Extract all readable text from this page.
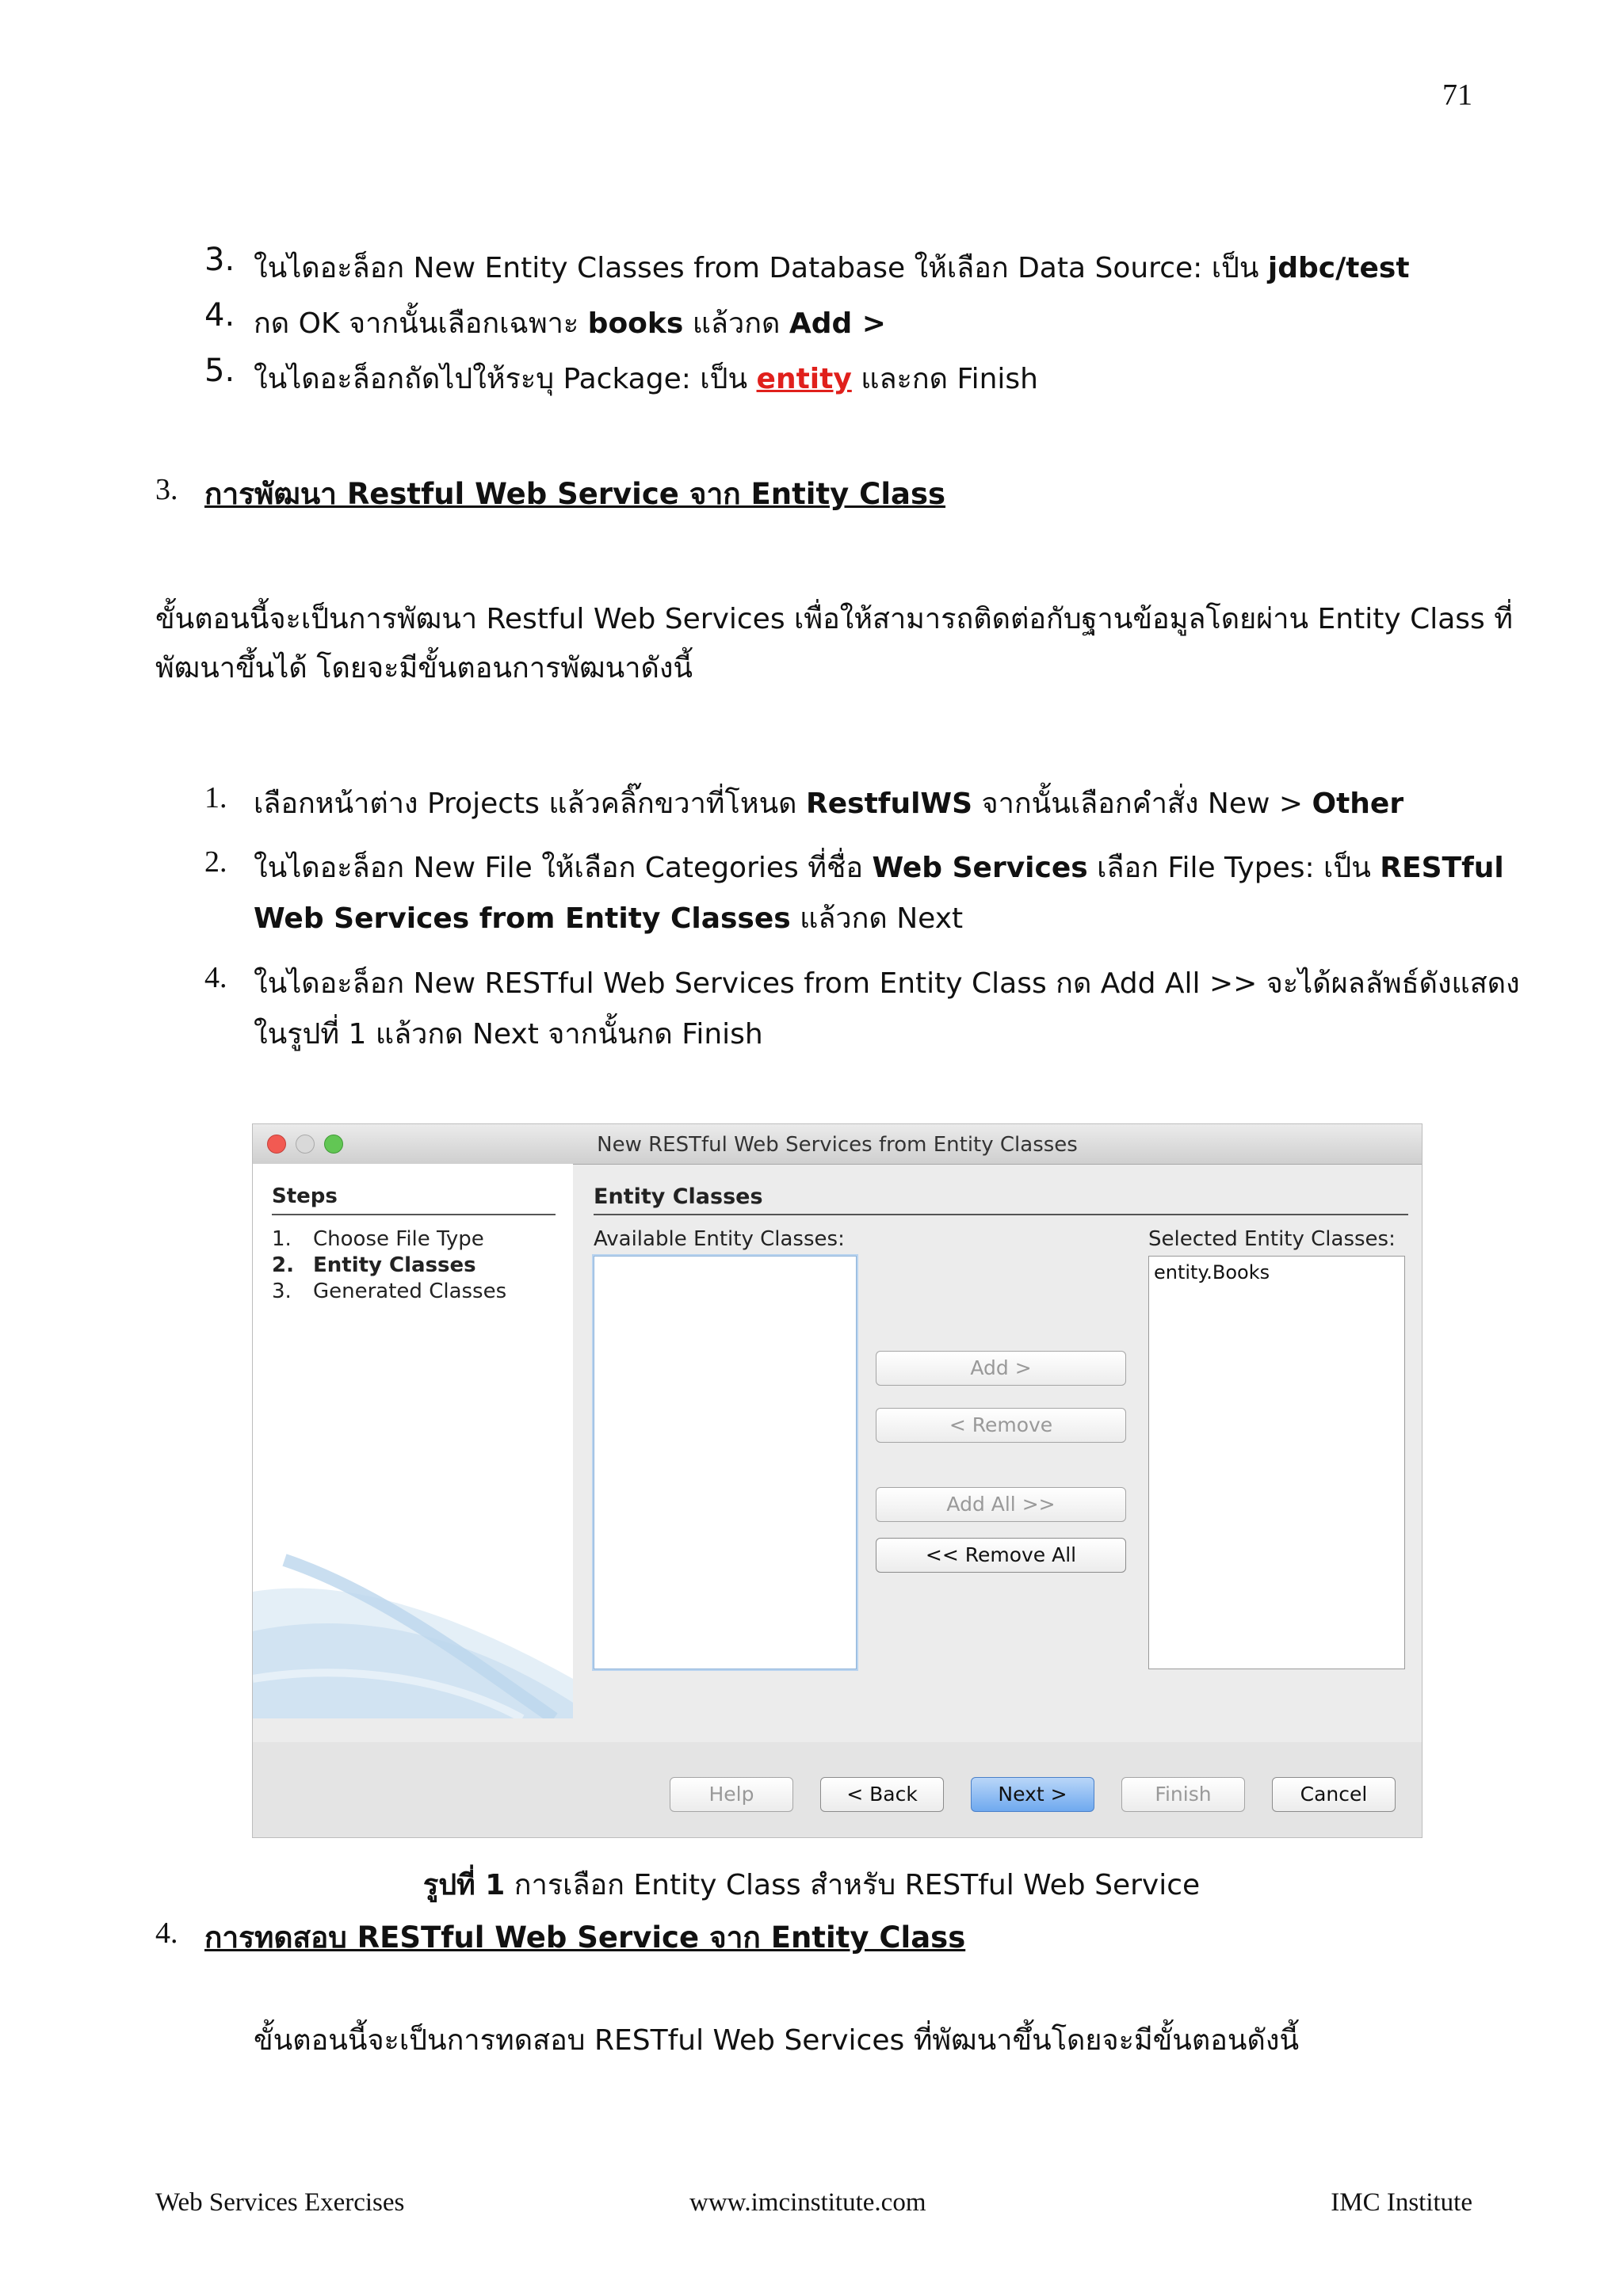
71
3. ในไดอะล็อก New Entity Classes from Database ให้เลือก Data Source: เป็น jdbc/test
4. กด OK จากนั้นเลือกเฉพาะ books แล้วกด Add >
5. ในไดอะล็อกถัดไปให้ระบุ Package: เป็น entity และกด Finish
3. การพัฒนา Restful Web Service จาก Entity Class
ขั้นตอนนี้จะเป็นการพัฒนา Restful Web Services เพื่อให้สามารถติดต่อกับฐานข้อมูลโดยผ่าน Entity Class ที่
พัฒนาขึ้นได้ โดยจะมีขั้นตอนการพัฒนาดังนี้
1. เลือกหน้าต่าง Projects แล้วคลิ๊กขวาที่โหนด RestfulWS จากนั้นเลือกคำสั่ง New > Other
2. ในไดอะล็อก New File ให้เลือก Categories ที่ชื่อ Web Services เลือก File Types: เป็น RESTful
Web Services from Entity Classes แล้วกด Next
4. ในไดอะล็อก New RESTful Web Services from Entity Class กด Add All >> จะได้ผลลัพธ์ดังแสดง
ในรูปที่ 1 แล้วกด Next จากนั้นกด Finish
New RESTful Web Services from Entity Classes
Steps
1. Choose File Type
2. Entity Classes
3. Generated Classes
Entity Classes
Available Entity Classes:	Selected Entity Classes:
entity.Books
Add >
< Remove
Add All >>
<< Remove All
Help	< Back	Next >	Finish	Cancel
รูปที่ 1 การเลือก Entity Class สำหรับ RESTful Web Service
4. การทดสอบ RESTful Web Service จาก Entity Class
ขั้นตอนนี้จะเป็นการทดสอบ RESTful Web Services ที่พัฒนาขึ้นโดยจะมีขั้นตอนดังนี้
Web Services Exercises	www.imcinstitute.com	IMC Institute
